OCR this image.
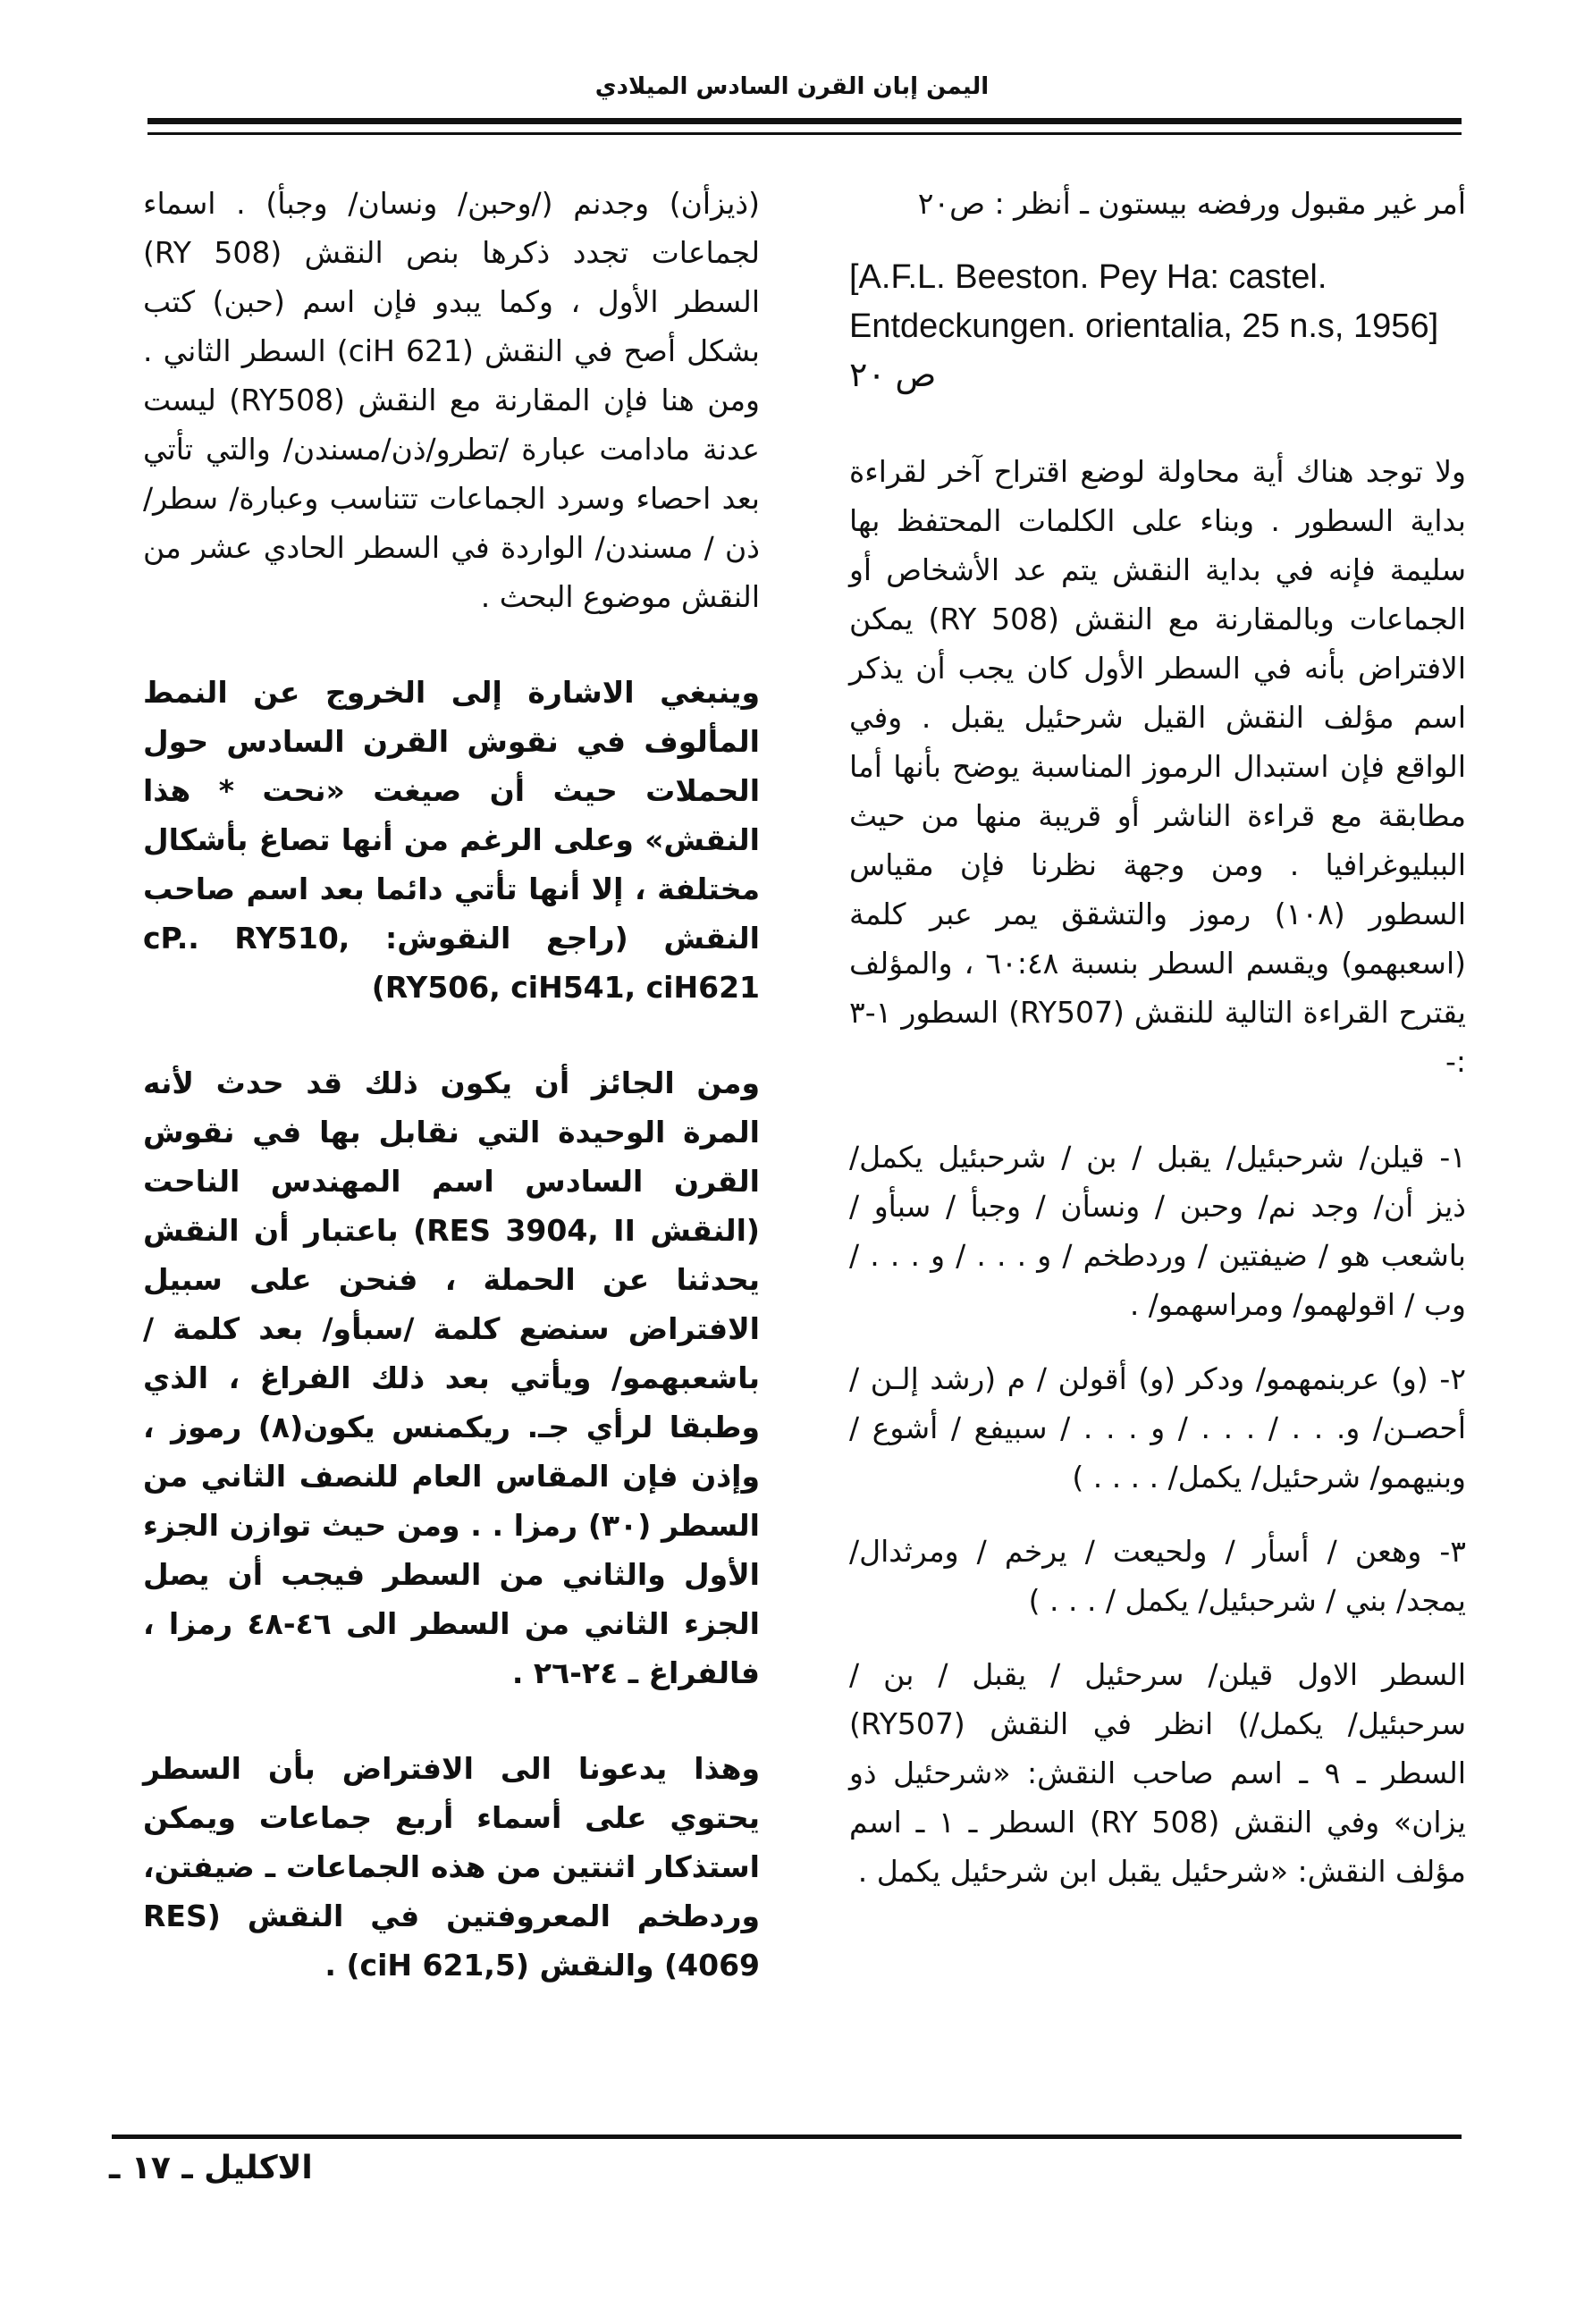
اليمن إبان القرن السادس الميلادي

أمر غير مقبول ورفضه بيستون ـ أنظر : ص٢٠

[A.F.L. Beeston. Pey Ha: castel. Entdeckungen. orientalia, 25 n.s, 1956] ص ٢٠

ولا توجد هناك أية محاولة لوضع اقتراح آخر لقراءة بداية السطور . وبناء على الكلمات المحتفظ بها سليمة فإنه في بداية النقش يتم عد الأشخاص أو الجماعات وبالمقارنة مع النقش (RY 508) يمكن الافتراض بأنه في السطر الأول كان يجب أن يذكر اسم مؤلف النقش القيل شرحئيل يقبل . وفي الواقع فإن استبدال الرموز المناسبة يوضح بأنها أما مطابقة مع قراءة الناشر أو قريبة منها من حيث الببليوغرافيا . ومن وجهة نظرنا فإن مقياس السطور (١٠٨) رموز والتشقق يمر عبر كلمة (اسعبهمو) ويقسم السطر بنسبة ٦٠:٤٨ ، والمؤلف يقترح القراءة التالية للنقش (RY507) السطور ١-٣ :-

١- قيلن/ شرحبئيل/ يقبل / بن / شرحبئيل يكمل/ ذيز أن/ وجد نم/ وحبن / ونسأن / وجبأ / سبأو / باشعب هو / ضيفتين / وردطخم / و . . . / و . . . / وب / اقولهمو/ ومراسهمو/ .

٢- (و) عربنمهمو/ ودكر (و) أقولن / م (رشد إلـن / أحصـن/ و. . . / . . . / و . . . / سبيفع / أشوع / وبنيهمو/ شرحئيل/ يكمل/ . . . . )

٣- وهعن / أسأر / ولحيعت / يرخم / ومرثدال/ يمجد/ بني / شرحبئيل/ يكمل / . . . )

السطر الاول قيلن/ سرحئيل / يقبل / بن / سرحبئيل/ يكمل/) انظر في النقش (RY507) السطر ـ ٩ ـ اسم صاحب النقش: «شرحئيل ذو يزان» وفي النقش (RY 508) السطر ـ ١ ـ اسم مؤلف النقش: «شرحئيل يقبل ابن شرحئيل يكمل .

(ذيزأن) وجدنم (/وحبن/ ونسان/ وجبأ) . اسماء لجماعات تجدد ذكرها بنص النقش (RY 508) السطر الأول ، وكما يبدو فإن اسم (حبن) كتب بشكل أصح في النقش (ciH 621) السطر الثاني . ومن هنا فإن المقارنة مع النقش (RY508) ليست عدنة مادامت عبارة /تطرو/ذن/مسندن/ والتي تأتي بعد احصاء وسرد الجماعات تتناسب وعبارة/ سطر/ ذن / مسندن/ الواردة في السطر الحادي عشر من النقش موضوع البحث .

وينبغي الاشارة إلى الخروج عن النمط المألوف في نقوش القرن السادس حول الحملات حيث أن صيغت «نحت * هذا النقش» وعلى الرغم من أنها تصاغ بأشكال مختلفة ، إلا أنها تأتي دائما بعد اسم صاحب النقش (راجع النقوش: cP.. RY510, RY506, ciH541, ciH621)

ومن الجائز أن يكون ذلك قد حدث لأنه المرة الوحيدة التي نقابل بها في نقوش القرن السادس اسم المهندس الناحت (النقش RES 3904, II) باعتبار أن النقش يحدثنا عن الحملة ، فنحن على سبيل الافتراض سنضع كلمة /سبأو/ بعد كلمة /باشعبهمو/ ويأتي بعد ذلك الفراغ ، الذي وطبقا لرأي جـ. ريكمنس يكون(٨) رموز ، وإذن فإن المقاس العام للنصف الثاني من السطر (٣٠) رمزا . . ومن حيث توازن الجزء الأول والثاني من السطر فيجب أن يصل الجزء الثاني من السطر الى ٤٦-٤٨ رمزا ، فالفراغ ـ ٢٤-٢٦ .

وهذا يدعونا الى الافتراض بأن السطر يحتوي على أسماء أربع جماعات ويمكن استذكار اثنتين من هذه الجماعات ـ ضيفتن، وردطخم المعروفتين في النقش (RES 4069) والنقش (ciH 621,5) .

الاكليل ـ ١٧ ـ
